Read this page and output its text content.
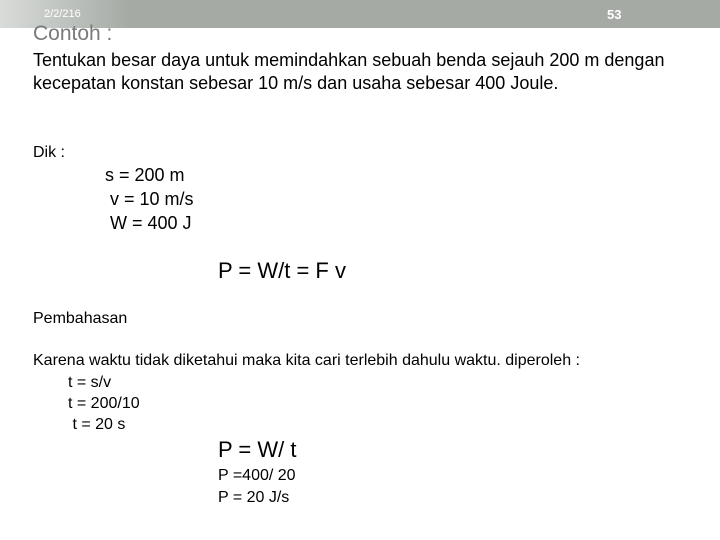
2/2/216	53
Contoh :
Tentukan besar daya untuk memindahkan sebuah benda sejauh 200 m dengan kecepatan konstan sebesar 10 m/s dan usaha sebesar 400 Joule.
Dik :
s = 200 m
v = 10 m/s
W = 400 J
P = W/t = F v
Pembahasan
Karena waktu tidak diketahui maka kita cari terlebih dahulu waktu. diperoleh :
t = s/v
t = 200/10
t = 20 s
P = W/ t
P =400/ 20
P = 20 J/s
